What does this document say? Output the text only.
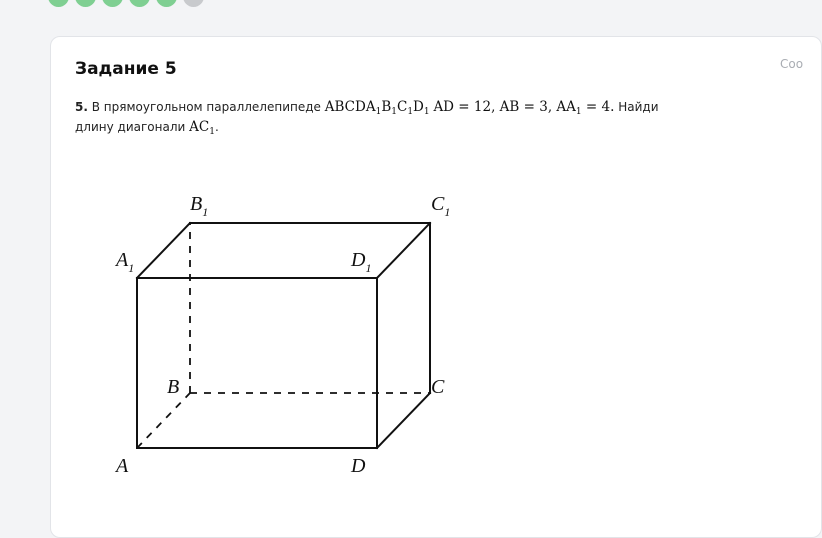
Задание 5	Соо
5. В прямоугольном параллелепипеде $ABCDA_1B_1C_1D_1$ AD = 12, AB = 3, $AA_1 = 4$. Найди длину диагонали $AC_1$.
A
B	C
D
$A_1$
$B_1$	$C_1$
$D_1$
